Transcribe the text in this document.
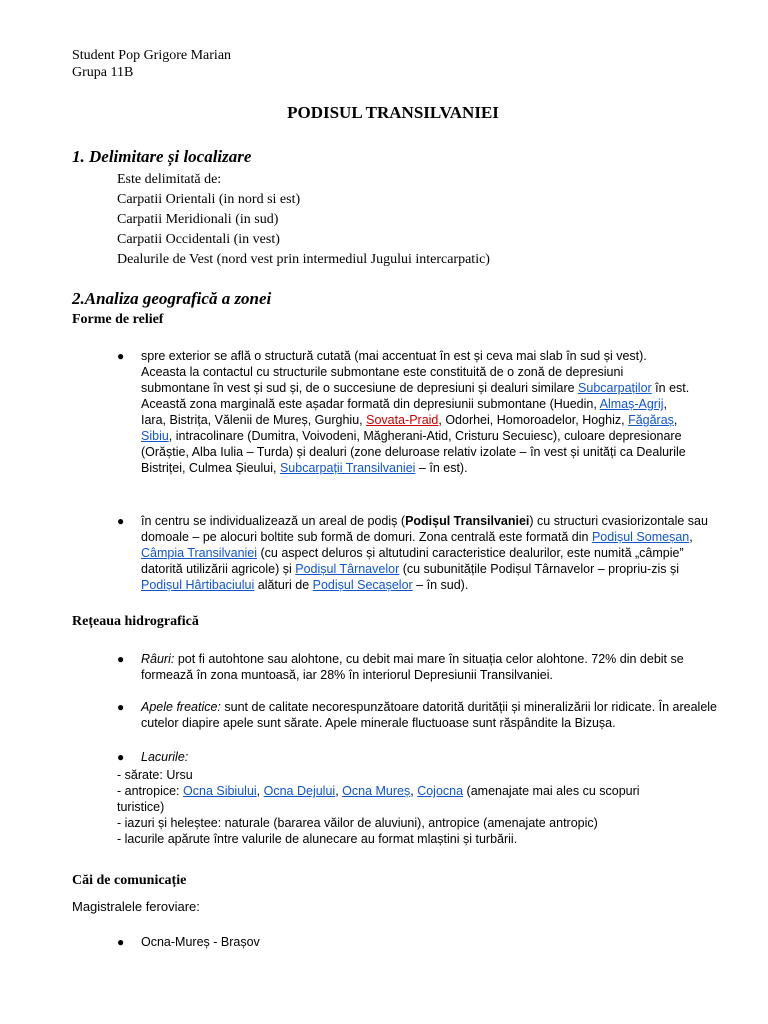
Student Pop Grigore Marian
Grupa 11B
PODISUL TRANSILVANIEI
1. Delimitare și localizare
Este delimitată de:
Carpatii Orientali (in nord si est)
Carpatii Meridionali (in sud)
Carpatii Occidentali (in vest)
Dealurile de Vest (nord vest prin intermediul Jugului intercarpatic)
2.Analiza geografică a zonei
Forme de relief
● spre exterior se află o structură cutată (mai accentuat în est și ceva mai slab în sud și vest). Aceasta la contactul cu structurile submontane este constituită de o zonă de depresiuni submontane în vest și sud și, de o succesiune de depresiuni și dealuri similare Subcarpaților în est. Această zona marginală este așadar formată din depresiunii submontane (Huedin, Almaș-Agrij, Iara, Bistrița, Vălenii de Mureș, Gurghiu, Sovata-Praid, Odorhei, Homoroadelor, Hoghiz, Făgăraș, Sibiu, intracolinare (Dumitra, Voivodeni, Măgherani-Atid, Cristuru Secuiesc), culoare depresionare (Orăștie, Alba Iulia – Turda) și dealuri (zone deluroase relativ izolate – în vest și unități ca Dealurile Bistriței, Culmea Șieului, Subcarpații Transilvaniei – în est).
● în centru se individualizează un areal de podiș (Podișul Transilvaniei) cu structuri cvasiorizontale sau domoale – pe alocuri boltite sub formă de domuri. Zona centrală este formată din Podișul Someșan, Câmpia Transilvaniei (cu aspect deluros și altutudini caracteristice dealurilor, este numită „câmpie” datorită utilizării agricole) și Podișul Târnavelor (cu subunitățile Podișul Târnavelor – propriu-zis și Podișul Hârtibaciului alături de Podișul Secașelor – în sud).
Rețeaua hidrografică
● Râuri: pot fi autohtone sau alohtone, cu debit mai mare în situația celor alohtone. 72% din debit se formează în zona muntoasă, iar 28% în interiorul Depresiunii Transilvaniei.
● Apele freatice: sunt de calitate necorespunzătoare datorită durității și mineralizării lor ridicate. În arealele cutelor diapire apele sunt sărate. Apele minerale fluctuoase sunt răspândite la Bizușa.
● Lacurile:
- sărate: Ursu
- antropice: Ocna Sibiului, Ocna Dejului, Ocna Mureș, Cojocna (amenajate mai ales cu scopuri turistice)
- iazuri și heleștee: naturale (bararea văilor de aluviuni), antropice (amenajate antropic)
- lacurile apărute între valurile de alunecare au format mlaștini și turbării.
Căi de comunicație
Magistralele feroviare:
● Ocna-Mureș - Brașov
